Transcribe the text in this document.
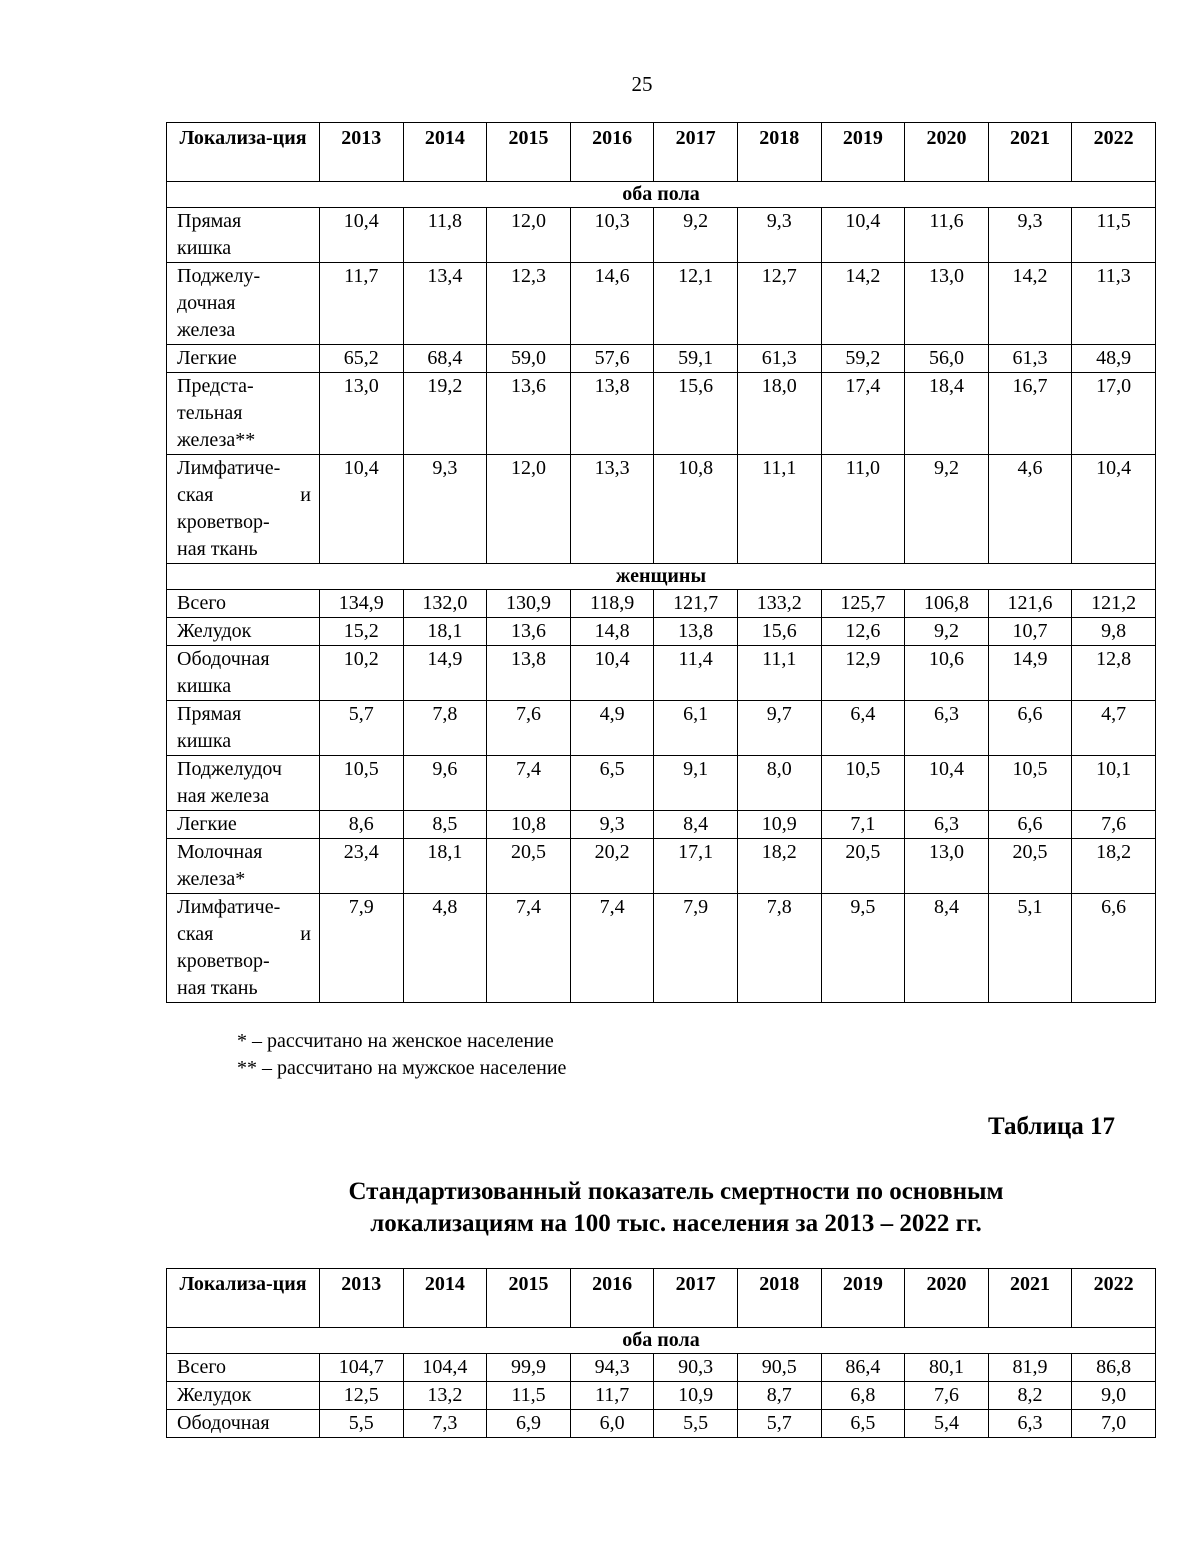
25
Локализа-ция	2013	2014	2015	2016	2017	2018	2019	2020	2021	2022
оба пола										

Прямая
кишка	10,4	11,8	12,0	10,3	9,2	9,3	10,4	11,6	9,3	11,5

Поджелу-
дочная
железа	11,7	13,4	12,3	14,6	12,1	12,7	14,2	13,0	14,2	11,3

Легкие	65,2	68,4	59,0	57,6	59,1	61,3	59,2	56,0	61,3	48,9

Предста-
тельная
железа**	13,0	19,2	13,6	13,8	15,6	18,0	17,4	18,4	16,7	17,0

Лимфатиче-
ская и
кроветвор-
ная ткань	10,4	9,3	12,0	13,3	10,8	11,1	11,0	9,2	4,6	10,4
женщины										

Всего	134,9	132,0	130,9	118,9	121,7	133,2	125,7	106,8	121,6	121,2

Желудок	15,2	18,1	13,6	14,8	13,8	15,6	12,6	9,2	10,7	9,8

Ободочная
кишка	10,2	14,9	13,8	10,4	11,4	11,1	12,9	10,6	14,9	12,8

Прямая
кишка	5,7	7,8	7,6	4,9	6,1	9,7	6,4	6,3	6,6	4,7

Поджелудоч
ная железа	10,5	9,6	7,4	6,5	9,1	8,0	10,5	10,4	10,5	10,1

Легкие	8,6	8,5	10,8	9,3	8,4	10,9	7,1	6,3	6,6	7,6

Молочная
железа*	23,4	18,1	20,5	20,2	17,1	18,2	20,5	13,0	20,5	18,2

Лимфатиче-
ская и
кроветвор-
ная ткань	7,9	4,8	7,4	7,4	7,9	7,8	9,5	8,4	5,1	6,6
* – рассчитано на женское население
** – рассчитано на мужское население
Таблица 17
Стандартизованный показатель смертности по основным
локализациям на 100 тыс. населения за 2013 – 2022 гг.
Локализа-ция	2013	2014	2015	2016	2017	2018	2019	2020	2021	2022
оба пола										

Всего	104,7	104,4	99,9	94,3	90,3	90,5	86,4	80,1	81,9	86,8

Желудок	12,5	13,2	11,5	11,7	10,9	8,7	6,8	7,6	8,2	9,0

Ободочная	5,5	7,3	6,9	6,0	5,5	5,7	6,5	5,4	6,3	7,0
